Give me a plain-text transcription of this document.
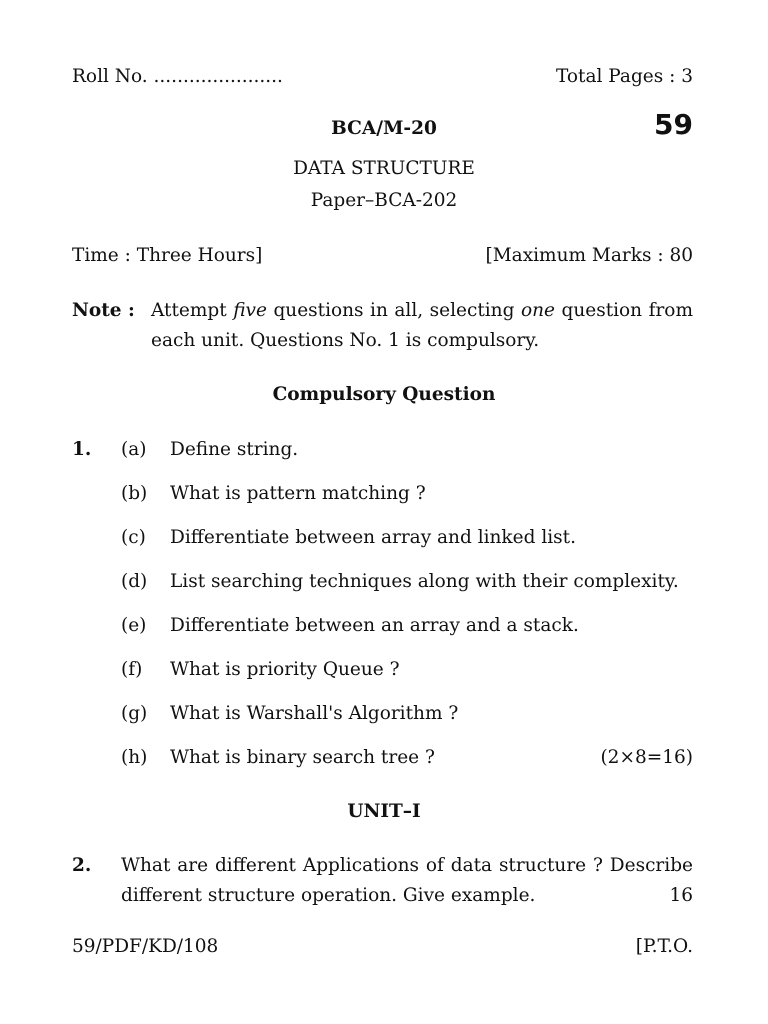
Roll No. ......................	Total Pages : 3
BCA/M-20	59
DATA STRUCTURE
Paper–BCA-202
Time : Three Hours]	[Maximum Marks : 80
Note : Attempt five questions in all, selecting one question from
each unit. Questions No. 1 is compulsory.
Compulsory Question
1. (a) Define string.
(b) What is pattern matching ?
(c) Differentiate between array and linked list.
(d) List searching techniques along with their complexity.
(e) Differentiate between an array and a stack.
(f) What is priority Queue ?
(g) What is Warshall's Algorithm ?
(h) What is binary search tree ?	(2×8=16)
UNIT–I
2. What are different Applications of data structure ? Describe
different structure operation. Give example.	16
59/PDF/KD/108	[P.T.O.
